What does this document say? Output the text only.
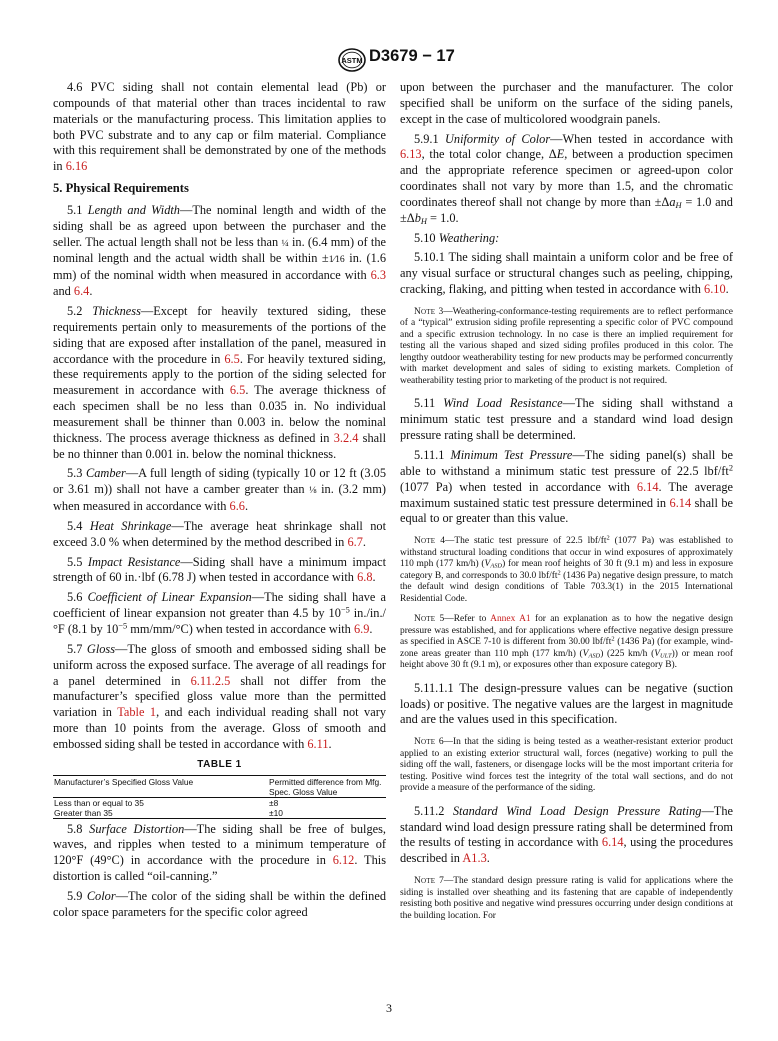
ASTM D3679 − 17

4.6 PVC siding shall not contain elemental lead (Pb) or compounds of that material other than traces incidental to raw materials or the manufacturing process. This limitation applies to both PVC substrate and to any cap or film material. Compliance with this requirement shall be demonstrated by one of the methods in 6.16

5. Physical Requirements

5.1 Length and Width—The nominal length and width of the siding shall be as agreed upon between the purchaser and the seller. The actual length shall not be less than ¼ in. (6.4 mm) of the nominal length and the actual width shall be within ±1⁄16 in. (1.6 mm) of the nominal width when measured in accordance with 6.3 and 6.4.

5.2 Thickness—Except for heavily textured siding, these requirements pertain only to measurements of the portions of the siding that are exposed after installation of the panel, measured in accordance with the procedure in 6.5. For heavily textured siding, these requirements apply to the portion of the siding selected for measurement in accordance with 6.5. The average thickness of each specimen shall be no less than 0.035 in. No individual measurement shall be thinner than 0.003 in. below the nominal thickness. The process average thickness as defined in 3.2.4 shall be no thinner than 0.001 in. below the nominal thickness.

5.3 Camber—A full length of siding (typically 10 or 12 ft (3.05 or 3.61 m)) shall not have a camber greater than ⅛ in. (3.2 mm) when measured in accordance with 6.6.

5.4 Heat Shrinkage—The average heat shrinkage shall not exceed 3.0 % when determined by the method described in 6.7.

5.5 Impact Resistance—Siding shall have a minimum impact strength of 60 in.·lbf (6.78 J) when tested in accordance with 6.8.

5.6 Coefficient of Linear Expansion—The siding shall have a coefficient of linear expansion not greater than 4.5 by $10^{-5}$ in./in./°F (8.1 by $10^{-5}$ mm/mm/°C) when tested in accordance with 6.9.

5.7 Gloss—The gloss of smooth and embossed siding shall be uniform across the exposed surface. The average of all readings for a panel determined in 6.11.2.5 shall not differ from the manufacturer’s specified gloss value more than the permitted variation in Table 1, and each individual reading shall not vary more than 10 points from the average. Gloss of smooth and embossed siding shall be tested in accordance with 6.11.

TABLE 1
Manufacturer’s Specified Gloss Value	Permitted difference from Mfg. Spec. Gloss Value
Less than or equal to 35	±8
Greater than 35	±10

5.8 Surface Distortion—The siding shall be free of bulges, waves, and ripples when tested to a minimum temperature of 120°F (49°C) in accordance with the procedure in 6.12. This distortion is called “oil-canning.”

5.9 Color—The color of the siding shall be within the defined color space parameters for the specific color agreed

upon between the purchaser and the manufacturer. The color specified shall be uniform on the surface of the siding panels, except in the case of multicolored woodgrain panels.

5.9.1 Uniformity of Color—When tested in accordance with 6.13, the total color change, ΔE, between a production specimen and the appropriate reference specimen or agreed-upon color coordinates shall not vary by more than 1.5, and the chromatic coordinates thereof shall not change by more than $\pm\Delta a_H = 1.0$ and $\pm\Delta b_H = 1.0$.

5.10 Weathering:

5.10.1 The siding shall maintain a uniform color and be free of any visual surface or structural changes such as peeling, chipping, cracking, flaking, and pitting when tested in accordance with 6.10.

Note 3—Weathering-conformance-testing requirements are to reflect performance of a “typical” extrusion siding profile representing a specific color of PVC compound and a specific extrusion technology. In no case is there an implied requirement for testing all the various shaped and sized siding profiles produced in this color. The lengthy outdoor weatherability testing for new products may be performed concurrently with market development and sales of siding to existing markets. Completion of weatherability testing prior to marketing of the product is not required.

5.11 Wind Load Resistance—The siding shall withstand a minimum static test pressure and a standard wind load design pressure rating shall be determined.

5.11.1 Minimum Test Pressure—The siding panel(s) shall be able to withstand a minimum static test pressure of 22.5 lbf/$ft^2$ (1077 Pa) when tested in accordance with 6.14. The average maximum sustained static test pressure determined in 6.14 shall be equal to or greater than this value.

Note 4—The static test pressure of 22.5 lbf/$ft^2$ (1077 Pa) was established to withstand structural loading conditions that occur in wind exposures of approximately 110 mph (177 km/h) $(V_{ASD})$ for mean roof heights of 30 ft (9.1 m) and less in exposure category B, and corresponds to 30.0 lbf/$ft^2$ (1436 Pa) negative design pressure, to match the default wind design conditions of Table 703.3(1) in the 2015 International Residential Code.

Note 5—Refer to Annex A1 for an explanation as to how the negative design pressure was established, and for applications where effective negative design pressure as specified in ASCE 7-10 is different from 30.00 lbf/$ft^2$ (1436 Pa) (for example, wind-zone areas greater than 110 mph (177 km/h) $(V_{ASD})$ (225 km/h $(V_{ULT})$) or mean roof height above 30 ft (9.1 m), or exposures other than exposure category B).

5.11.1.1 The design-pressure values can be negative (suction loads) or positive. The negative values are the largest in magnitude and are the values used in this specification.

Note 6—In that the siding is being tested as a weather-resistant exterior product applied to an existing exterior structural wall, forces (negative) working to pull the siding off the wall, fasteners, or disengage locks will be the most important criteria for testing. Positive wind forces test the integrity of the total wall sections, and do not provide a measure of the performance of the siding.

5.11.2 Standard Wind Load Design Pressure Rating—The standard wind load design pressure rating shall be determined from the results of testing in accordance with 6.14, using the procedures described in A1.3.

Note 7—The standard design pressure rating is valid for applications where the siding is installed over sheathing and its fastening that are capable of independently resisting both positive and negative wind pressures occurring under design conditions at the building location. For

3
